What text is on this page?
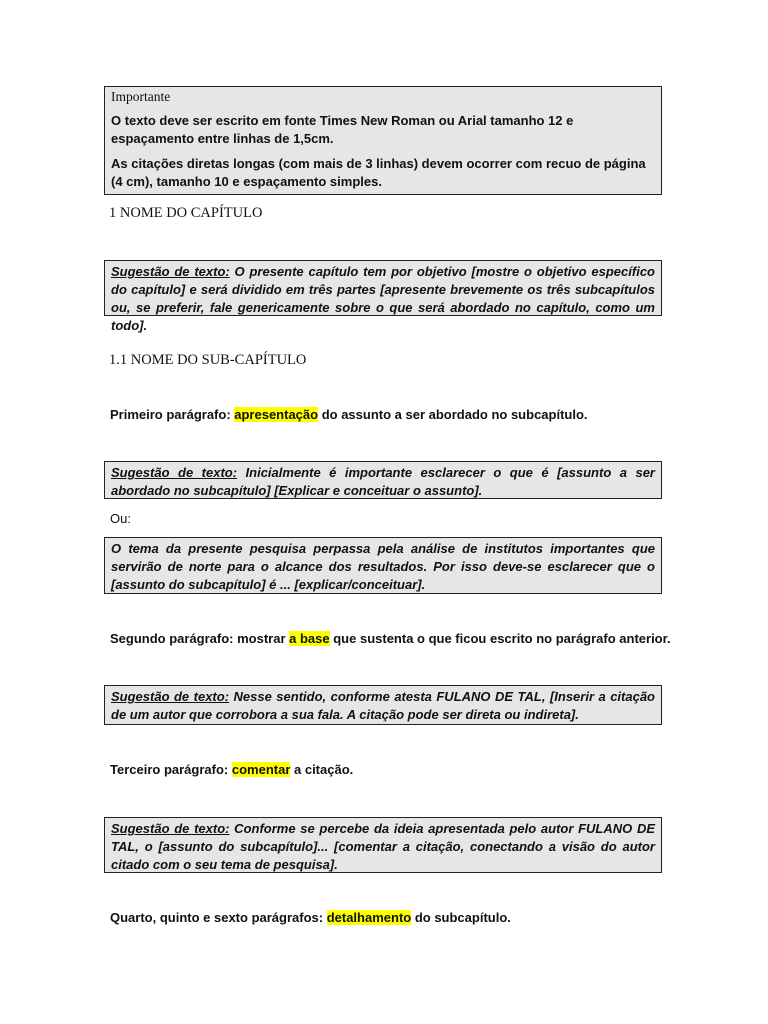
Importante

O texto deve ser escrito em fonte Times New Roman ou Arial tamanho 12 e espaçamento entre linhas de 1,5cm.

As citações diretas longas (com mais de 3 linhas) devem ocorrer com recuo de página (4 cm), tamanho 10 e espaçamento simples.

1 NOME DO CAPÍTULO

Sugestão de texto: O presente capítulo tem por objetivo [mostre o objetivo específico do capítulo] e será dividido em três partes [apresente brevemente os três subcapítulos ou, se preferir, fale genericamente sobre o que será abordado no capítulo, como um todo].

1.1 NOME DO SUB-CAPÍTULO
Primeiro parágrafo: apresentação do assunto a ser abordado no subcapítulo.

Sugestão de texto: Inicialmente é importante esclarecer o que é [assunto a ser abordado no subcapítulo] [Explicar e conceituar o assunto].

Ou:

O tema da presente pesquisa perpassa pela análise de institutos importantes que servirão de norte para o alcance dos resultados. Por isso deve-se esclarecer que o [assunto do subcapítulo] é ... [explicar/conceituar].

Segundo parágrafo: mostrar a base que sustenta o que ficou escrito no parágrafo anterior.

Sugestão de texto: Nesse sentido, conforme atesta FULANO DE TAL, [Inserir a citação de um autor que corrobora a sua fala. A citação pode ser direta ou indireta].

Terceiro parágrafo: comentar a citação.

Sugestão de texto: Conforme se percebe da ideia apresentada pelo autor FULANO DE TAL, o [assunto do subcapítulo]... [comentar a citação, conectando a visão do autor citado com o seu tema de pesquisa].

Quarto, quinto e sexto parágrafos: detalhamento do subcapítulo.
